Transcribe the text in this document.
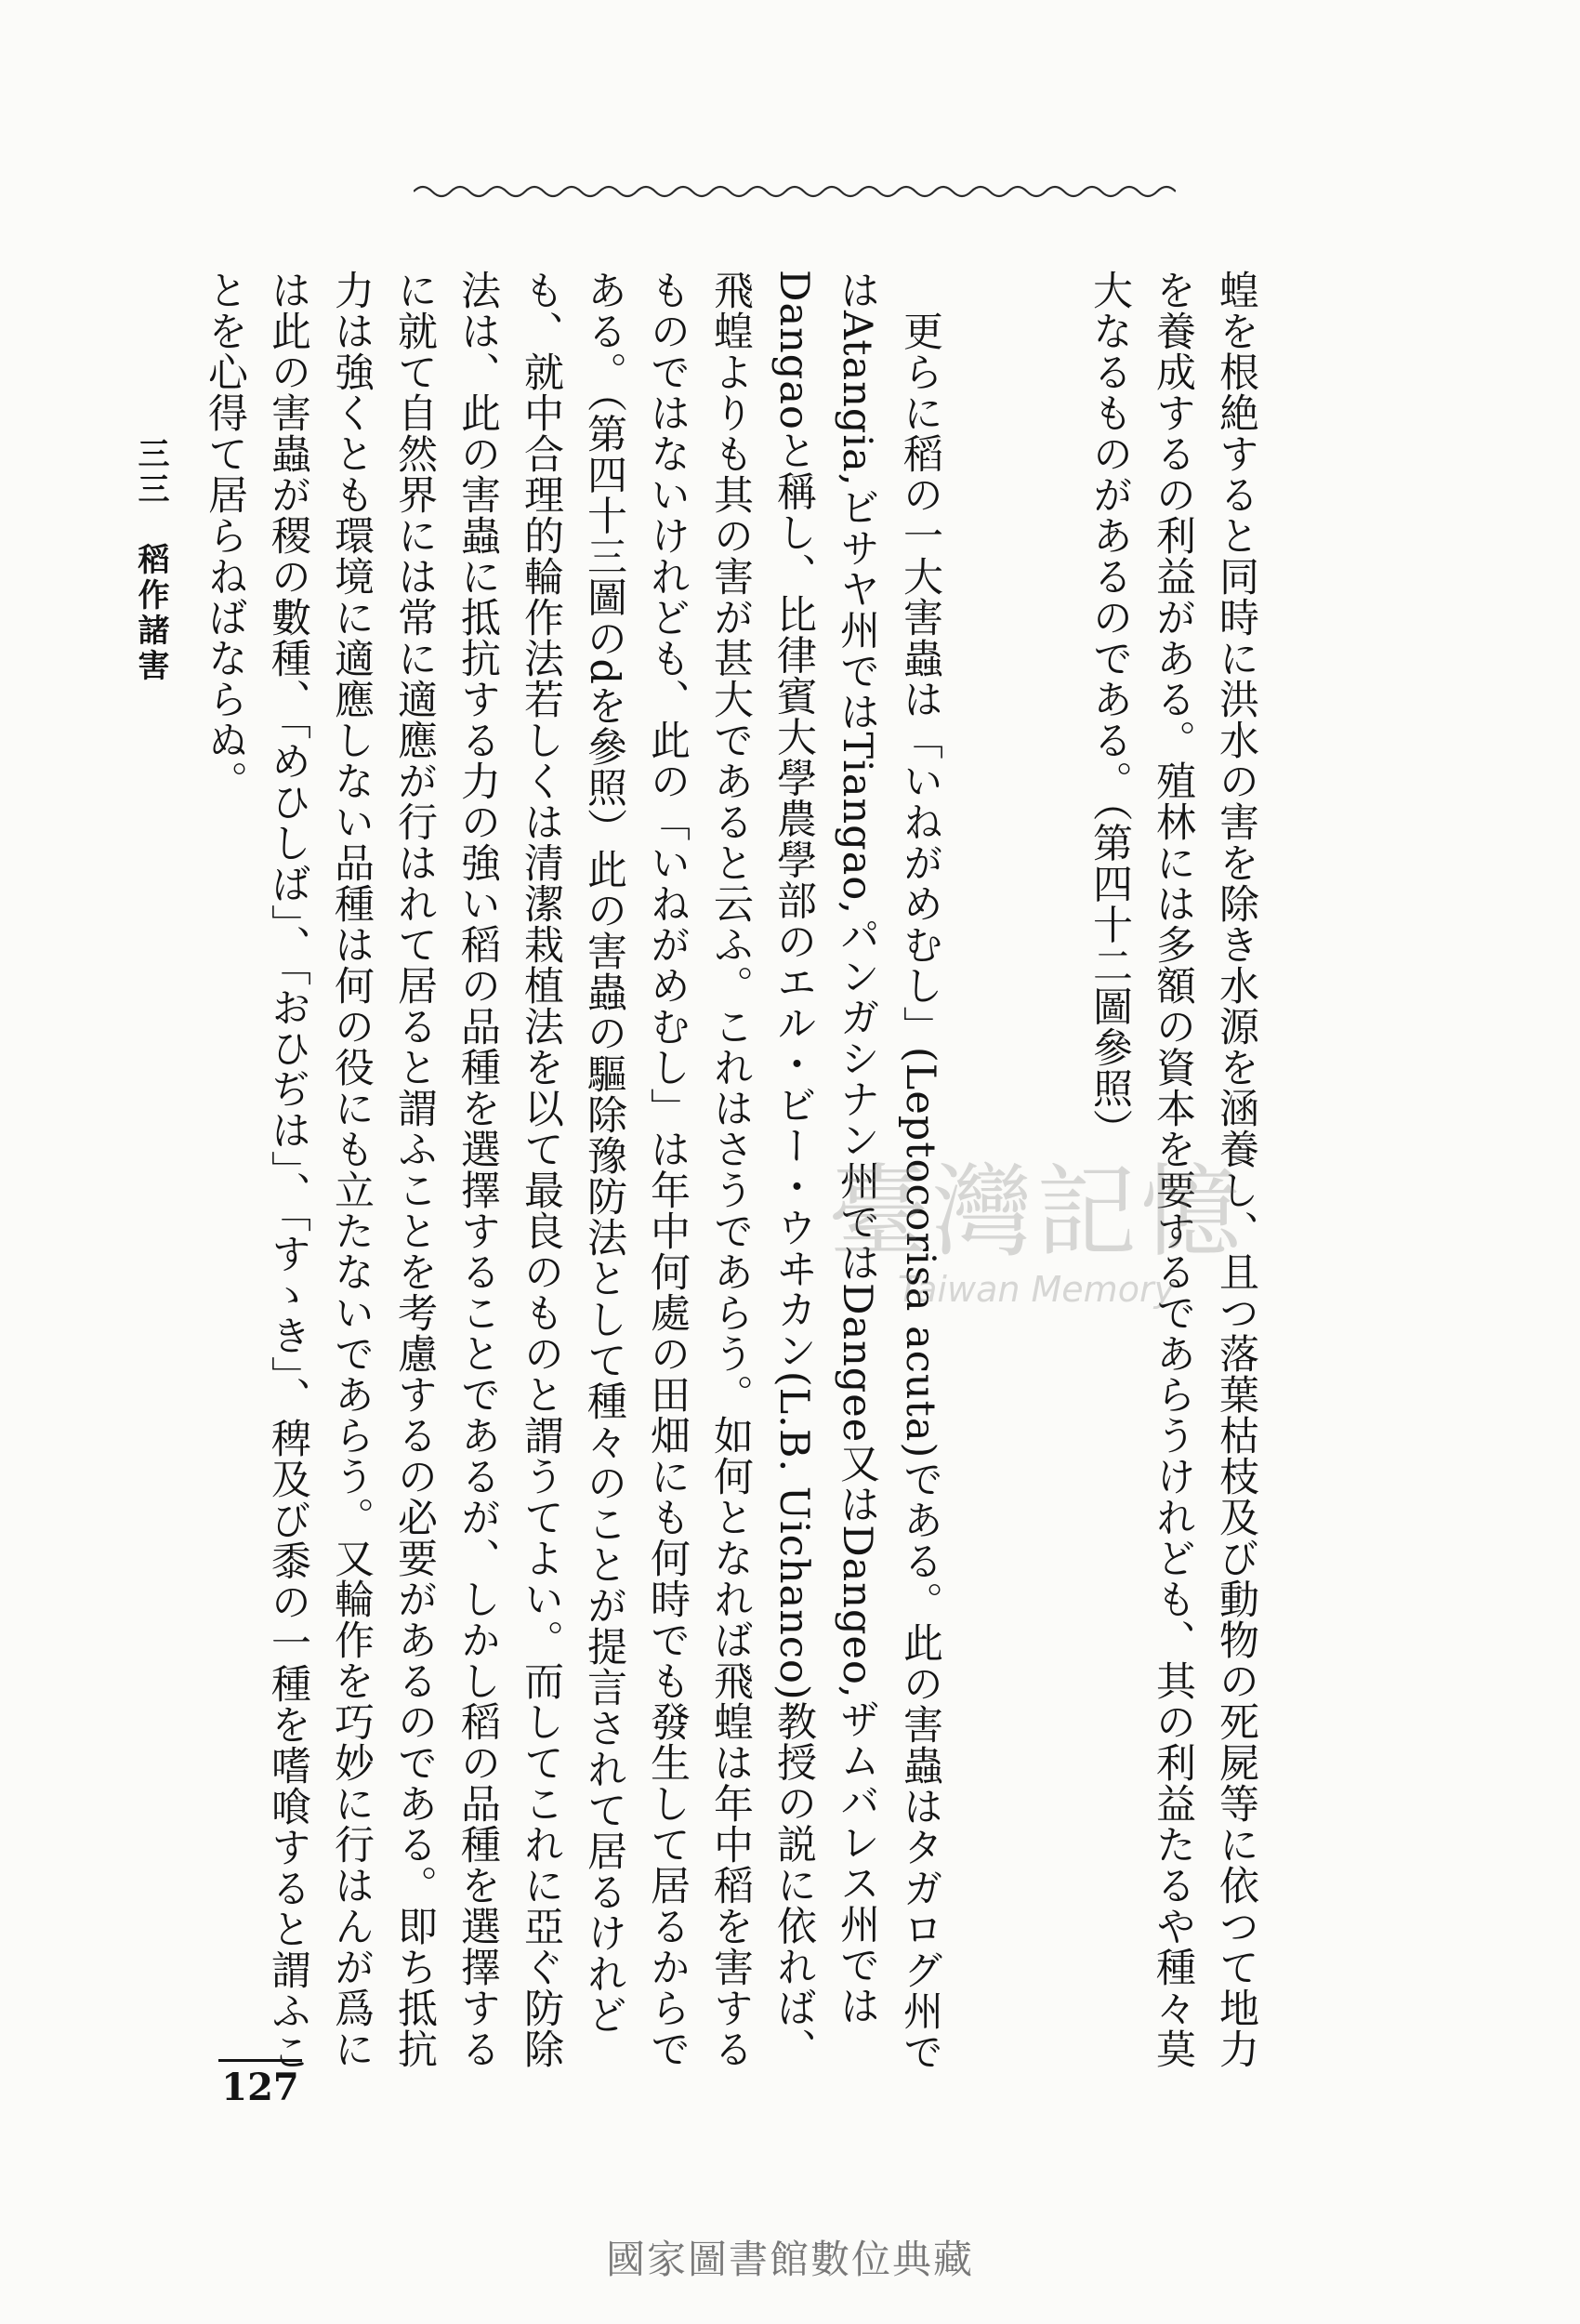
蝗を根絶すると同時に洪水の害を除き水源を涵養し、且つ落葉枯枝及び動物の死屍等に依つて地力を養成するの利益がある。殖林には多額の資本を要するであらうけれども、其の利益たるや種々莫大なるものがあるのである。（第四十二圖參照）

　更らに稻の一大害蟲は「いねがめむし」(Leptocorisa acuta)である。此の害蟲はタガログ州ではAtangia,ビサヤ州ではTiangao,パンガシナン州ではDangee又はDangeo,ザムバレス州ではDangaoと稱し、比律賓大學農學部のエル・ビー・ウヰカン(L.B. Uichanco)教授の説に依れば、飛蝗よりも其の害が甚大であると云ふ。これはさうであらう。如何となれば飛蝗は年中稻を害するものではないけれども、此の「いねがめむし」は年中何處の田畑にも何時でも發生して居るからである。（第四十三圖のdを參照）此の害蟲の驅除豫防法として種々のことが提言されて居るけれども、就中合理的輪作法若しくは清潔栽植法を以て最良のものと謂うてよい。而してこれに亞ぐ防除法は、此の害蟲に抵抗する力の強い稻の品種を選擇することであるが、しかし稻の品種を選擇するに就て自然界には常に適應が行はれて居ると謂ふことを考慮するの必要があるのである。即ち抵抗力は強くとも環境に適應しない品種は何の役にも立たないであらう。又輪作を巧妙に行はんが爲には此の害蟲が稷の數種、「めひしば」、「おひぢは」、「すゝき」、稗及び黍の一種を嗜喰すると謂ふことを心得て居らねばならぬ。

三三　稻作諸害
127
臺灣記憶
Taiwan Memory
國家圖書館數位典藏
